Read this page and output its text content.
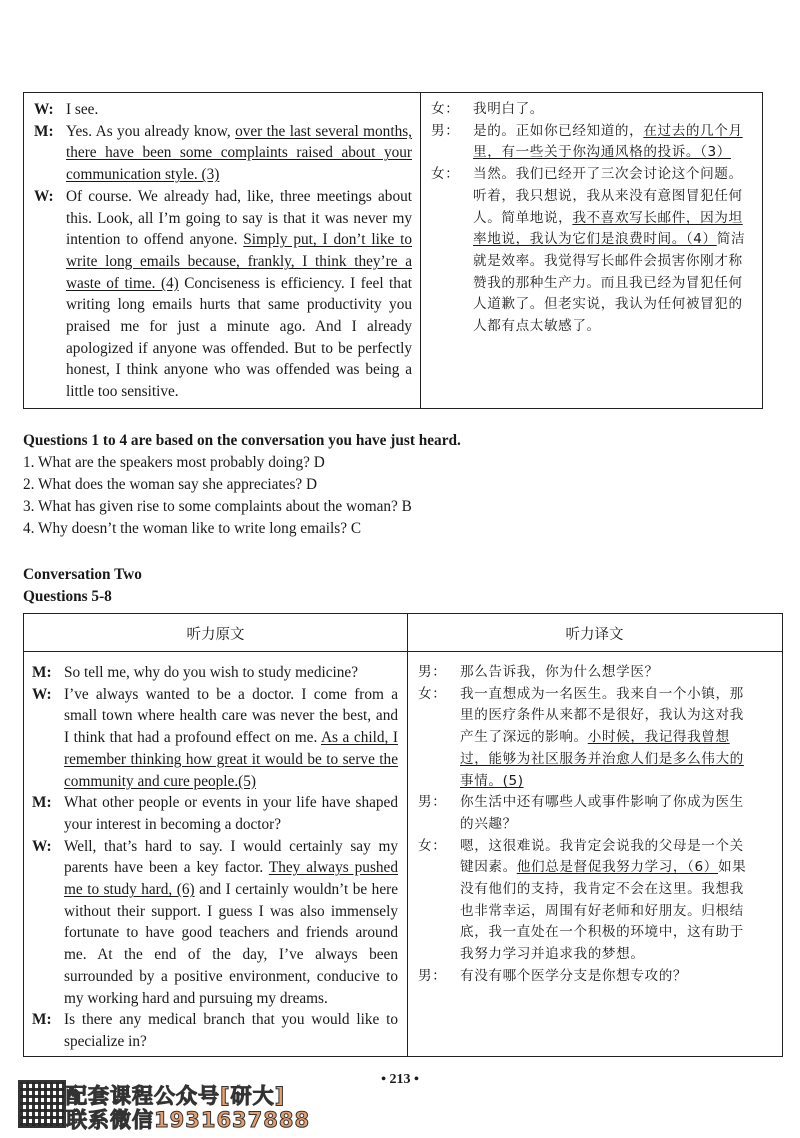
W: I see.
M: Yes. As you already know, over the last several months, there have been some complaints raised about your communication style. (3)
W: Of course. We already had, like, three meetings about this. Look, all I’m going to say is that it was never my intention to offend anyone. Simply put, I don’t like to write long emails because, frankly, I think they’re a waste of time. (4) Conciseness is efficiency. I feel that writing long emails hurts that same productivity you praised me for just a minute ago. And I already apologized if anyone was offended. But to be perfectly honest, I think anyone who was offended was being a little too sensitive.
女： 我明白了。
男： 是的。正如你已经知道的，在过去的几个月里，有一些关于你沟通风格的投诉。（3）
女： 当然。我们已经开了三次会讨论这个问题。听着，我只想说，我从来没有意图冒犯任何人。简单地说，我不喜欢写长邮件，因为坦率地说，我认为它们是浪费时间。（4）简洁就是效率。我觉得写长邮件会损害你刚才称赞我的那种生产力。而且我已经为冒犯任何人道歉了。但老实说，我认为任何被冒犯的人都有点太敏感了。
Questions 1 to 4 are based on the conversation you have just heard.
1. What are the speakers most probably doing? D
2. What does the woman say she appreciates? D
3. What has given rise to some complaints about the woman? B
4. Why doesn’t the woman like to write long emails? C
Conversation Two
Questions 5-8
听力原文	听力译文
M: So tell me, why do you wish to study medicine?
W: I’ve always wanted to be a doctor. I come from a small town where health care was never the best, and I think that had a profound effect on me. As a child, I remember thinking how great it would be to serve the community and cure people.(5)
M: What other people or events in your life have shaped your interest in becoming a doctor?
W: Well, that’s hard to say. I would certainly say my parents have been a key factor. They always pushed me to study hard, (6) and I certainly wouldn’t be here without their support. I guess I was also immensely fortunate to have good teachers and friends around me. At the end of the day, I’ve always been surrounded by a positive environment, conducive to my working hard and pursuing my dreams.
M: Is there any medical branch that you would like to specialize in?
男： 那么告诉我，你为什么想学医？
女： 我一直想成为一名医生。我来自一个小镇，那里的医疗条件从来都不是很好，我认为这对我产生了深远的影响。小时候，我记得我曾想过，能够为社区服务并治愈人们是多么伟大的事情。(5)
男： 你生活中还有哪些人或事件影响了你成为医生的兴趣？
女： 嗯，这很难说。我肯定会说我的父母是一个关键因素。他们总是督促我努力学习，（6）如果没有他们的支持，我肯定不会在这里。我想我也非常幸运，周围有好老师和好朋友。归根结底，我一直处在一个积极的环境中，这有助于我努力学习并追求我的梦想。
男： 有没有哪个医学分支是你想专攻的？
• 213 •
配套课程公众号[研大]
联系微信1931637888
